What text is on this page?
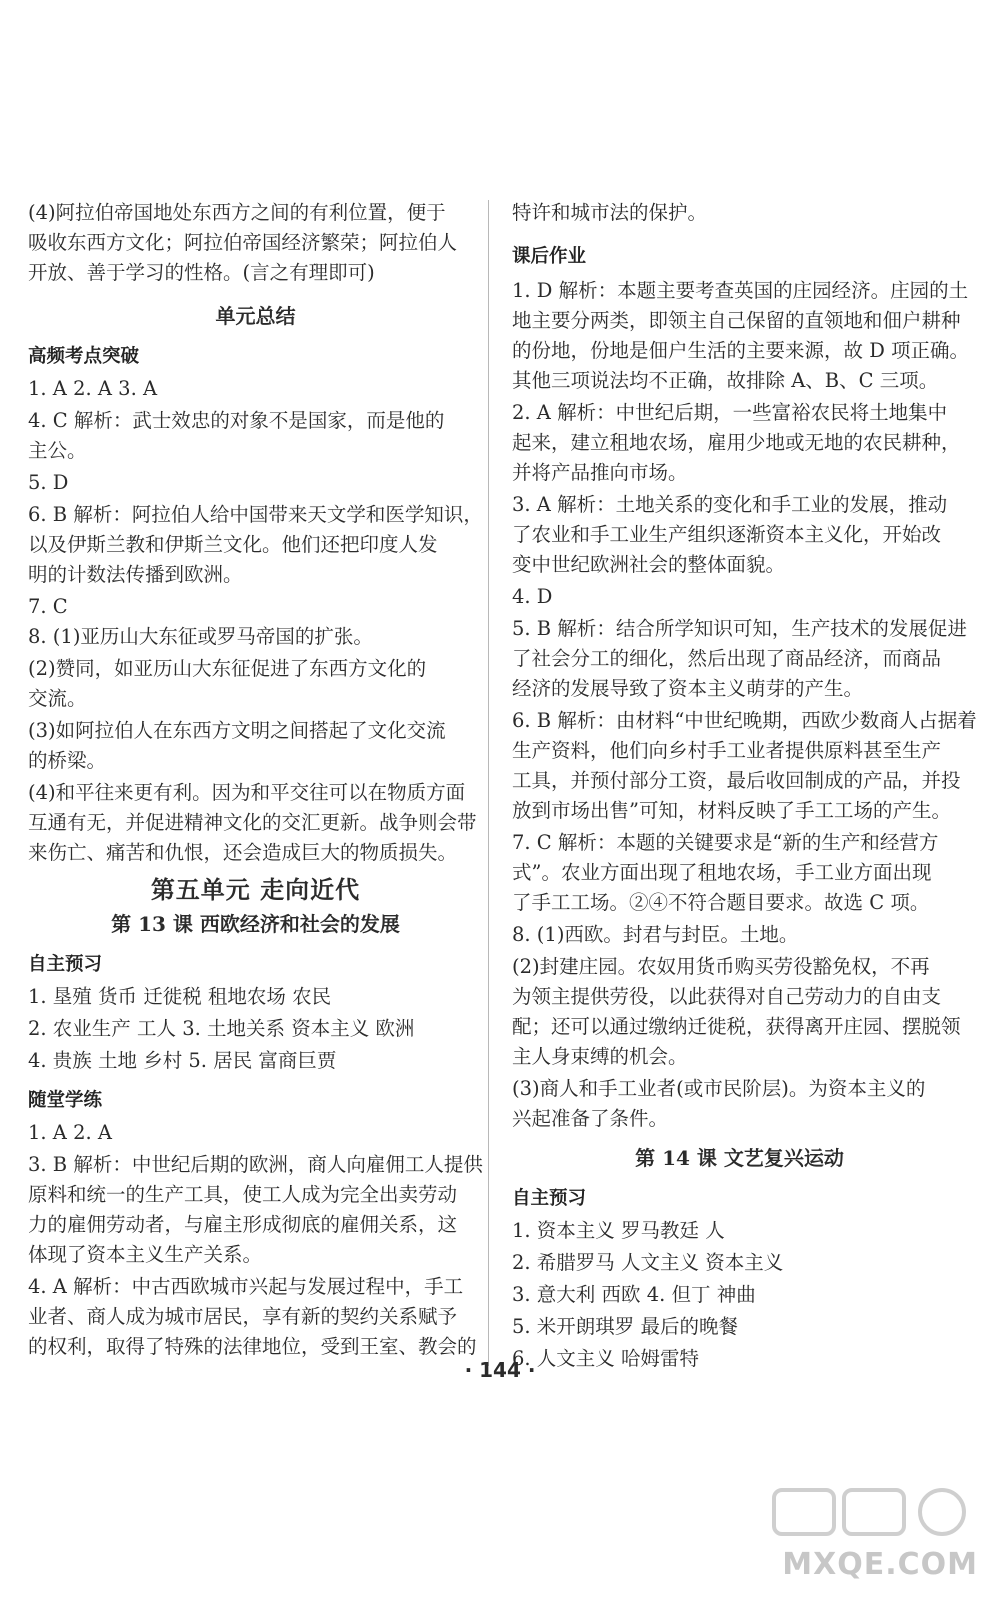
(4)阿拉伯帝国地处东西方之间的有利位置，便于
吸收东西方文化；阿拉伯帝国经济繁荣；阿拉伯人
开放、善于学习的性格。(言之有理即可)
单元总结
高频考点突破
1. A 2. A 3. A
4. C 解析：武士效忠的对象不是国家，而是他的
主公。
5. D
6. B 解析：阿拉伯人给中国带来天文学和医学知识，
以及伊斯兰教和伊斯兰文化。他们还把印度人发
明的计数法传播到欧洲。
7. C
8. (1)亚历山大东征或罗马帝国的扩张。
(2)赞同，如亚历山大东征促进了东西方文化的
交流。
(3)如阿拉伯人在东西方文明之间搭起了文化交流
的桥梁。
(4)和平往来更有利。因为和平交往可以在物质方面
互通有无，并促进精神文化的交汇更新。战争则会带
来伤亡、痛苦和仇恨，还会造成巨大的物质损失。
第五单元 走向近代
第 13 课 西欧经济和社会的发展
自主预习
1. 垦殖 货币 迁徙税 租地农场 农民
2. 农业生产 工人 3. 土地关系 资本主义 欧洲
4. 贵族 土地 乡村 5. 居民 富商巨贾
随堂学练
1. A 2. A
3. B 解析：中世纪后期的欧洲，商人向雇佣工人提供
原料和统一的生产工具，使工人成为完全出卖劳动
力的雇佣劳动者，与雇主形成彻底的雇佣关系，这
体现了资本主义生产关系。
4. A 解析：中古西欧城市兴起与发展过程中，手工
业者、商人成为城市居民，享有新的契约关系赋予
的权利，取得了特殊的法律地位，受到王室、教会的
特许和城市法的保护。
课后作业
1. D 解析：本题主要考查英国的庄园经济。庄园的土
地主要分两类，即领主自己保留的直领地和佃户耕种
的份地，份地是佃户生活的主要来源，故 D 项正确。
其他三项说法均不正确，故排除 A、B、C 三项。
2. A 解析：中世纪后期，一些富裕农民将土地集中
起来，建立租地农场，雇用少地或无地的农民耕种，
并将产品推向市场。
3. A 解析：土地关系的变化和手工业的发展，推动
了农业和手工业生产组织逐渐资本主义化，开始改
变中世纪欧洲社会的整体面貌。
4. D
5. B 解析：结合所学知识可知，生产技术的发展促进
了社会分工的细化，然后出现了商品经济，而商品
经济的发展导致了资本主义萌芽的产生。
6. B 解析：由材料“中世纪晚期，西欧少数商人占据着
生产资料，他们向乡村手工业者提供原料甚至生产
工具，并预付部分工资，最后收回制成的产品，并投
放到市场出售”可知，材料反映了手工工场的产生。
7. C 解析：本题的关键要求是“新的生产和经营方
式”。农业方面出现了租地农场，手工业方面出现
了手工工场。②④不符合题目要求。故选 C 项。
8. (1)西欧。封君与封臣。土地。
(2)封建庄园。农奴用货币购买劳役豁免权，不再
为领主提供劳役，以此获得对自己劳动力的自由支
配；还可以通过缴纳迁徙税，获得离开庄园、摆脱领
主人身束缚的机会。
(3)商人和手工业者(或市民阶层)。为资本主义的
兴起准备了条件。
第 14 课 文艺复兴运动
自主预习
1. 资本主义 罗马教廷 人
2. 希腊罗马 人文主义 资本主义
3. 意大利 西欧 4. 但丁 神曲
5. 米开朗琪罗 最后的晚餐
6. 人文主义 哈姆雷特
· 144 ·
MXQE.COM
